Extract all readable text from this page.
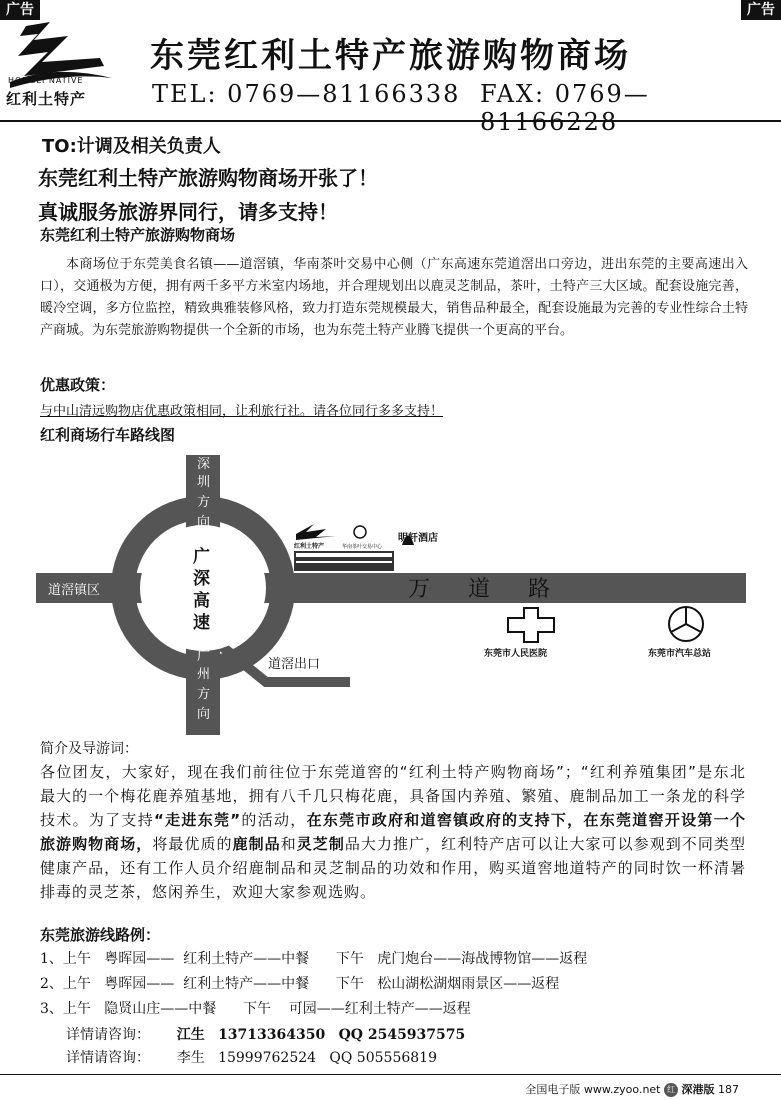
广告	广告
HONGLI NATIVE
红利土特产
东莞红利土特产旅游购物商场
TEL: 0769—81166338 FAX: 0769—81166228
TO:计调及相关负责人
东莞红利土特产旅游购物商场开张了！
真诚服务旅游界同行，请多支持！
东莞红利土特产旅游购物商场
本商场位于东莞美食名镇——道滘镇，华南茶叶交易中心侧（广东高速东莞道滘出口旁边，进出东莞的主要高速出入口），交通极为方便，拥有两千多平方米室内场地，并合理规划出以鹿灵芝制品，茶叶，土特产三大区域。配套设施完善，暖冷空调，多方位监控，精致典雅装修风格，致力打造东莞规模最大，销售品种最全，配套设施最为完善的专业性综合土特产商城。为东莞旅游购物提供一个全新的市场，也为东莞土特产业腾飞提供一个更高的平台。
优惠政策：
与中山清远购物店优惠政策相同，让利旅行社。请各位同行多多支持！
红利商场行车路线图
深
圳
方
向
广
深
高
速
广
州
方
向
道滘镇区	万道路
道滘出口
红利土特产	华南茶叶交易中心
明轩酒店
东莞市人民医院	东莞市汽车总站
简介及导游词：
各位团友，大家好，现在我们前往位于东莞道窖的“红利土特产购物商场”；“红利养殖集团”是东北最大的一个梅花鹿养殖基地，拥有八千几只梅花鹿，具备国内养殖、繁殖、鹿制品加工一条龙的科学技术。为了支持“走进东莞”的活动，在东莞市政府和道窖镇政府的支持下，在东莞道窖开设第一个旅游购物商场，将最优质的鹿制品和灵芝制品大力推广，红利特产店可以让大家可以参观到不同类型健康产品，还有工作人员介绍鹿制品和灵芝制品的功效和作用，购买道窖地道特产的同时饮一杯清暑排毒的灵芝茶，悠闲养生，欢迎大家参观选购。
东莞旅游线路例：
1、上午   粤晖园——  红利土特产——中餐      下午   虎门炮台——海战博物馆——返程
2、上午   粤晖园——  红利土特产——中餐      下午   松山湖松湖烟雨景区——返程
3、上午   隐贤山庄——中餐      下午    可园——红利土特产——返程
详情请咨询： 江生 13713364350 QQ 2545937575
详情请咨询： 李生 15999762524 QQ 505556819
全国电子版 www.zyoo.net 红 深港版 187
